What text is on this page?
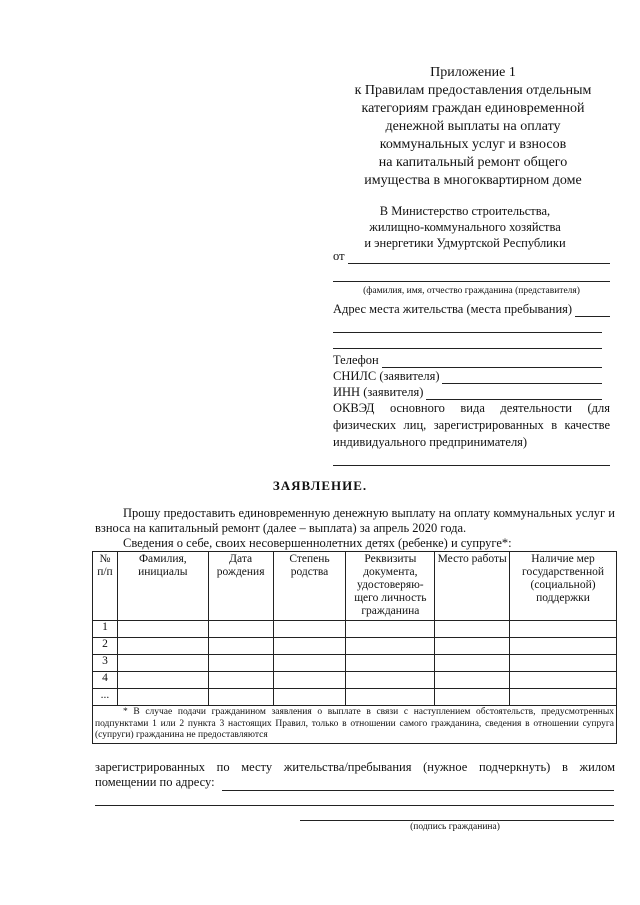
Приложение 1
к Правилам предоставления отдельным
категориям граждан единовременной
денежной выплаты на оплату
коммунальных услуг и взносов
на капитальный ремонт общего
имущества в многоквартирном доме
В Министерство строительства,
жилищно-коммунального хозяйства
и энергетики Удмуртской Республики
от
(фамилия, имя, отчество гражданина (представителя)
Адрес места жительства (места пребывания)
Телефон
СНИЛС (заявителя)
ИНН (заявителя)
ОКВЭД основного вида деятельности (для физических лиц, зарегистрированных в качестве индивидуального предпринимателя)
ЗАЯВЛЕНИЕ.
Прошу предоставить единовременную денежную выплату на оплату коммунальных услуг и взноса на капитальный ремонт (далее – выплата) за апрель 2020 года.
Сведения о себе, своих несовершеннолетних детях (ребенке) и супруге*:
№ п/п	Фамилия, инициалы	Дата рождения	Степень родства	Реквизиты документа, удостоверяю-щего личность гражданина	Место работы	Наличие мер государственной (социальной) поддержки
1						
2						
3						
4						
...						

* В случае подачи гражданином заявления о выплате в связи с наступлением обстоятельств, предусмотренных подпунктами 1 или 2 пункта 3 настоящих Правил, только в отношении самого гражданина, сведения в отношении супруга (супруги) гражданина не предоставляются						
зарегистрированных по месту жительства/пребывания (нужное подчеркнуть) в жилом помещении по адресу:
(подпись гражданина)
